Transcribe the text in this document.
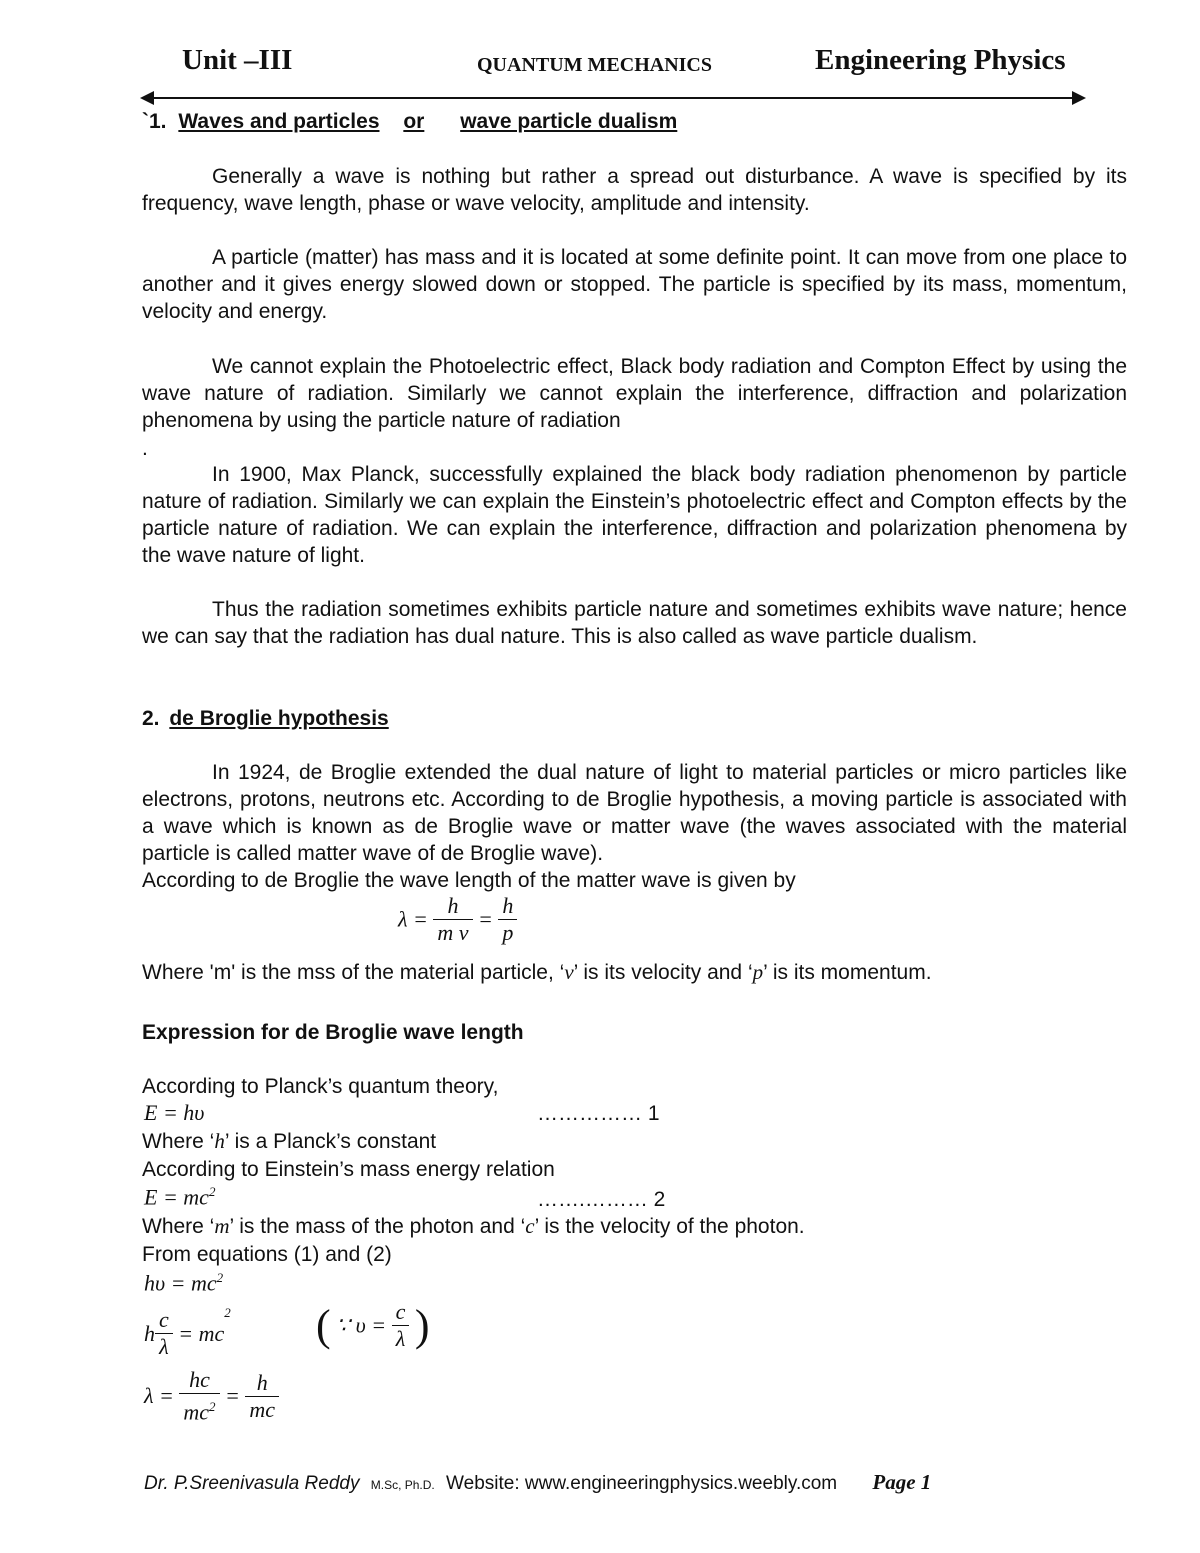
Unit –III	QUANTUM MECHANICS	Engineering Physics
`1. Waves and particles or wave particle dualism
Generally a wave is nothing but rather a spread out disturbance. A wave is specified by its frequency, wave length, phase or wave velocity, amplitude and intensity.
A particle (matter) has mass and it is located at some definite point. It can move from one place to another and it gives energy slowed down or stopped. The particle is specified by its mass, momentum, velocity and energy.
We cannot explain the Photoelectric effect, Black body radiation and Compton Effect by using the wave nature of radiation. Similarly we cannot explain the interference, diffraction and polarization phenomena by using the particle nature of radiation
.
In 1900, Max Planck, successfully explained the black body radiation phenomenon by particle nature of radiation. Similarly we can explain the Einstein’s photoelectric effect and Compton effects by the particle nature of radiation. We can explain the interference, diffraction and polarization phenomena by the wave nature of light.
Thus the radiation sometimes exhibits particle nature and sometimes exhibits wave nature; hence we can say that the radiation has dual nature. This is also called as wave particle dualism.
2. de Broglie hypothesis
In 1924, de Broglie extended the dual nature of light to material particles or micro particles like electrons, protons, neutrons etc. According to de Broglie hypothesis, a moving particle is associated with a wave which is known as de Broglie wave or matter wave (the waves associated with the material particle is called matter wave of de Broglie wave).
According to de Broglie the wave length of the matter wave is given by
$\lambda = \frac{h}{\text{m v}} = \frac{h}{p}$
Where 'm' is the mss of the material particle, ‘v’ is its velocity and ‘p’ is its momentum.
Expression for de Broglie wave length
According to Planck’s quantum theory,
E = hυ	…………… 1
Where ‘h’ is a Planck’s constant
According to Einstein’s mass energy relation
$E = mc^2$	…….……… 2
Where ‘m’ is the mass of the photon and ‘c’ is the velocity of the photon.
From equations (1) and (2)
$h\upsilon = mc^2$
h $\frac{c}{\lambda} = mc^2$ ( ∵ $\upsilon = \frac{c}{\lambda}$ )
$\lambda = \frac{hc}{mc^2} = \frac{h}{mc}$
Dr. P.Sreenivasula Reddy M.Sc, Ph.D. Website: www.engineeringphysics.weebly.com Page 1
